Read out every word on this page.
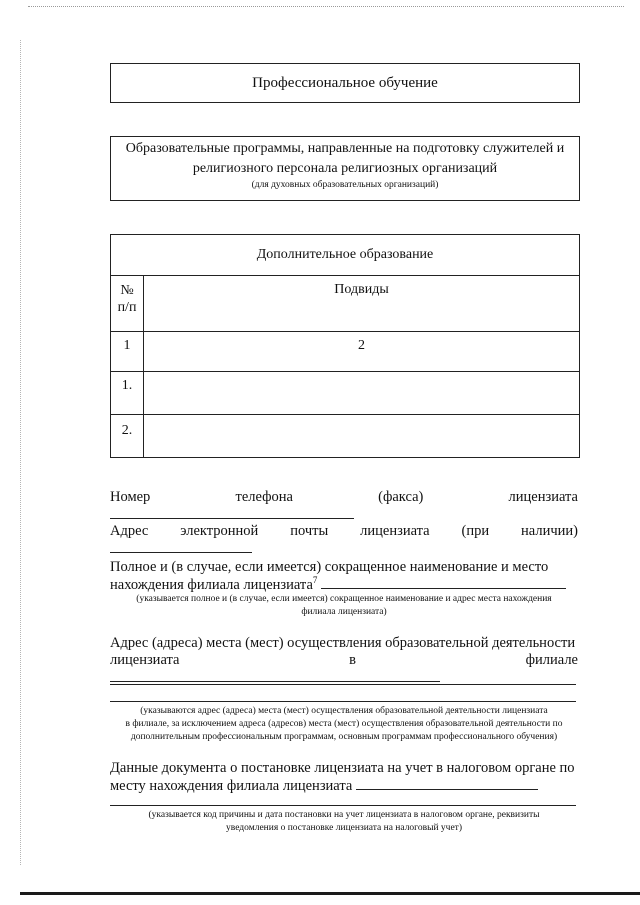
Профессиональное обучение
Образовательные программы, направленные на подготовку служителей и
религиозного персонала религиозных организаций
(для духовных образовательных организаций)
Дополнительное образование	

№
п/п	Подвиды
1	2
1.	
2.	
Номер телефона (факса) лицензиата
Адрес электронной почты лицензиата (при наличии)
Полное и (в случае, если имеется) сокращенное наименование и место
нахождения филиала лицензиата$^7$
(указывается полное и (в случае, если имеется) сокращенное наименование и адрес места нахождения
филиала лицензиата)
Адрес (адреса) места (мест) осуществления образовательной деятельности
лицензиата в филиале
(указываются адрес (адреса) места (мест) осуществления образовательной деятельности лицензиата
в филиале, за исключением адреса (адресов) места (мест) осуществления образовательной деятельности по
дополнительным профессиональным программам, основным программам профессионального обучения)
Данные документа о постановке лицензиата на учет в налоговом органе по
месту нахождения филиала лицензиата
(указывается код причины и дата постановки на учет лицензиата в налоговом органе, реквизиты
уведомления о постановке лицензиата на налоговый учет)
